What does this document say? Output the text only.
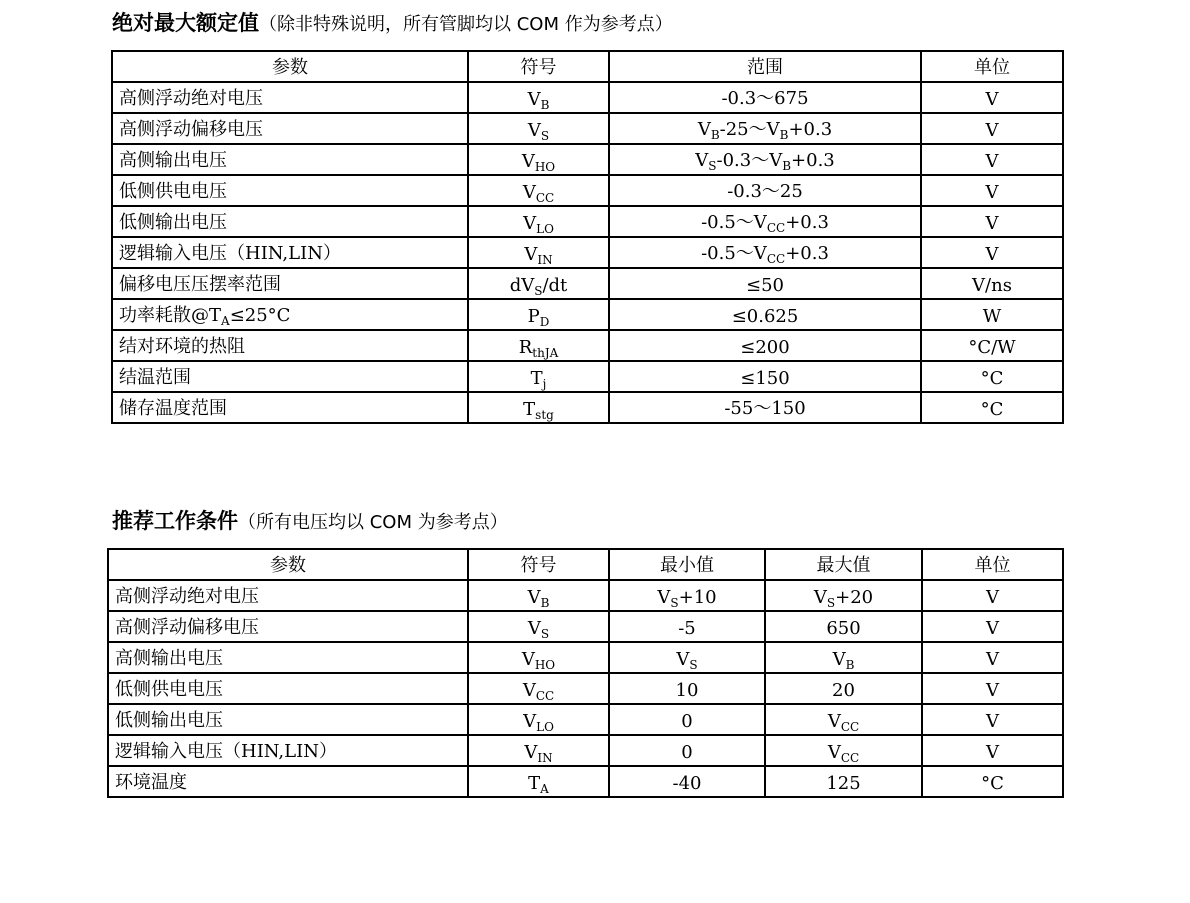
绝对最大额定值（除非特殊说明，所有管脚均以 COM 作为参考点）
参数	符号	范围	单位
高侧浮动绝对电压	$V_B$	-0.3～675	V
高侧浮动偏移电压	$V_S$	$V_B-25\sim V_B+0.3$	V
高侧输出电压	$V_{HO}$	$V_S-0.3\sim V_B+0.3$	V
低侧供电电压	$V_{CC}$	-0.3～25	V
低侧输出电压	$V_{LO}$	$-0.5\sim V_{CC}+0.3$	V
逻辑输入电压（HIN,LIN）	$V_{IN}$	$-0.5\sim V_{CC}+0.3$	V
偏移电压压摆率范围	$dV_S/dt$	≤50	V/ns
功率耗散$@T_A\le 25^\circ C$	$P_D$	≤0.625	W
结对环境的热阻	$R_{thJA}$	≤200	°C/W
结温范围	$T_j$	≤150	°C
储存温度范围	$T_{stg}$	-55～150	°C
推荐工作条件（所有电压均以 COM 为参考点）
参数	符号	最小值	最大值	单位
高侧浮动绝对电压	$V_B$	$V_S+10$	$V_S+20$	V
高侧浮动偏移电压	$V_S$	-5	650	V
高侧输出电压	$V_{HO}$	$V_S$	$V_B$	V
低侧供电电压	$V_{CC}$	10	20	V
低侧输出电压	$V_{LO}$	0	$V_{CC}$	V
逻辑输入电压（HIN,LIN）	$V_{IN}$	0	$V_{CC}$	V
环境温度	$T_A$	-40	125	°C
